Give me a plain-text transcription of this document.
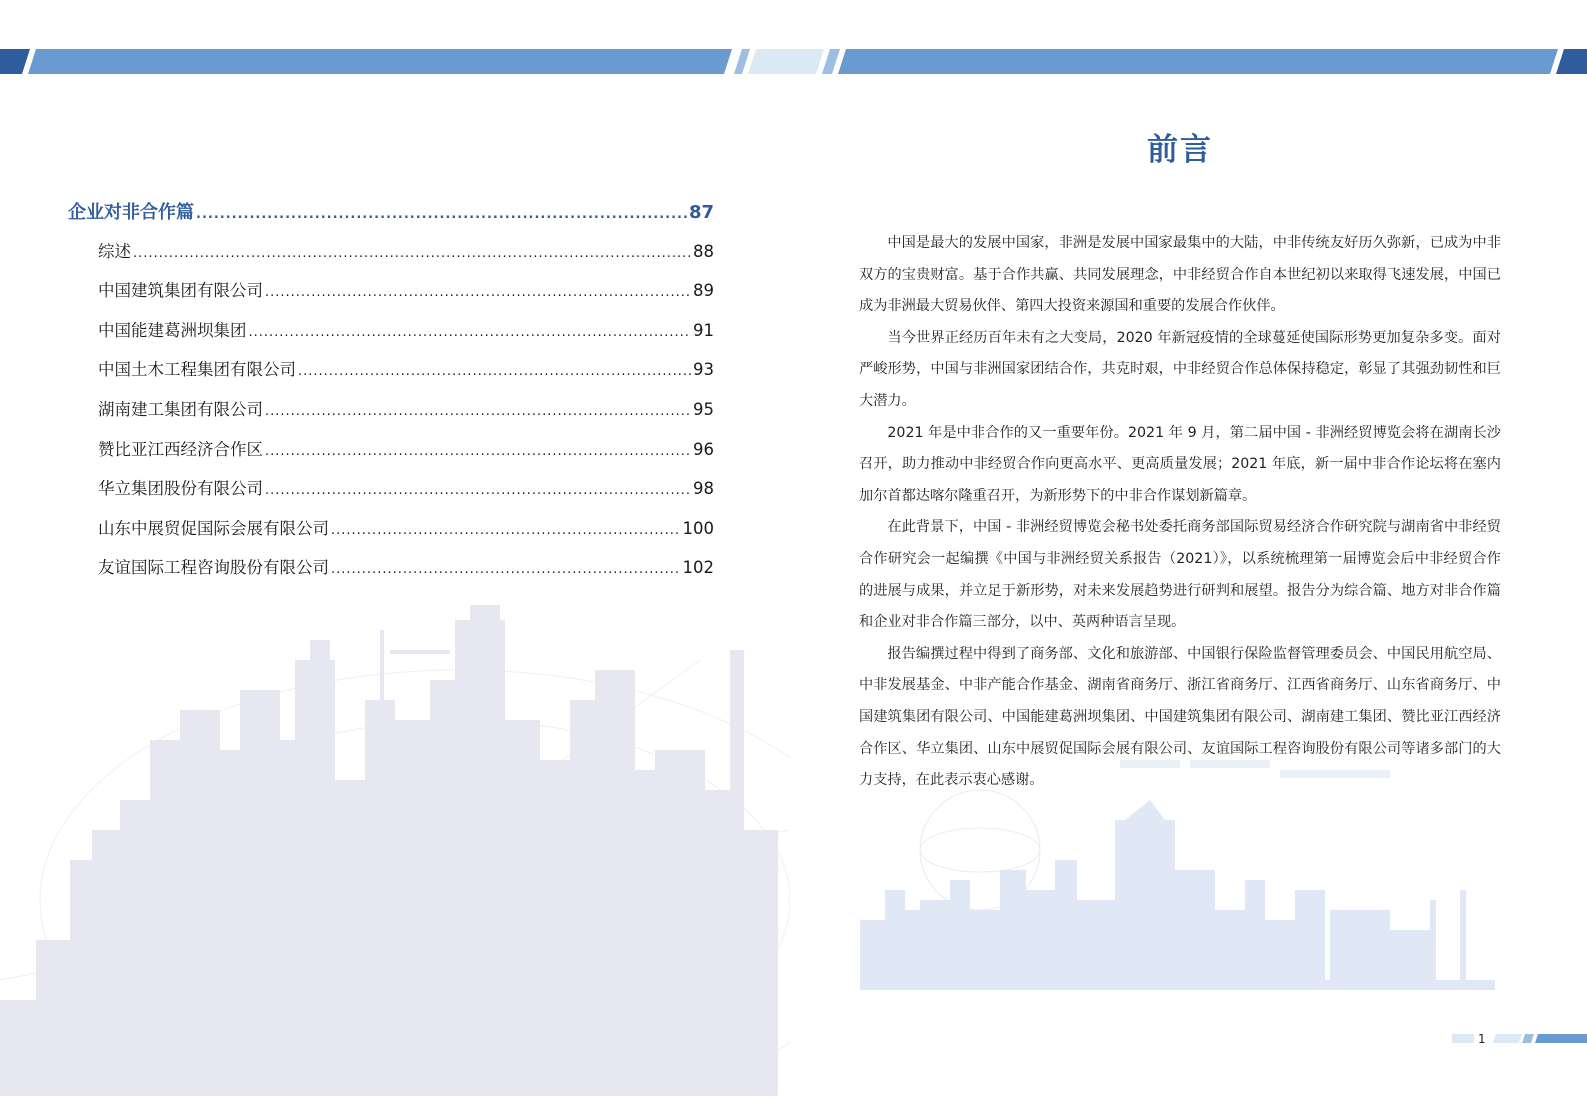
企业对非合作篇 .....	87
综述 .....	88
中国建筑集团有限公司 .....	89
中国能建葛洲坝集团 .....	91
中国土木工程集团有限公司 .....	93
湖南建工集团有限公司 .....	95
赞比亚江西经济合作区 .....	96
华立集团股份有限公司 .....	98
山东中展贸促国际会展有限公司 .....	100
友谊国际工程咨询股份有限公司 .....	102
前言

中国是最大的发展中国家，非洲是发展中国家最集中的大陆，中非传统友好历久弥新，已成为中非双方的宝贵财富。基于合作共赢、共同发展理念，中非经贸合作自本世纪初以来取得飞速发展，中国已成为非洲最大贸易伙伴、第四大投资来源国和重要的发展合作伙伴。

当今世界正经历百年未有之大变局，2020 年新冠疫情的全球蔓延使国际形势更加复杂多变。面对严峻形势，中国与非洲国家团结合作，共克时艰，中非经贸合作总体保持稳定，彰显了其强劲韧性和巨大潜力。

2021 年是中非合作的又一重要年份。2021 年 9 月，第二届中国 - 非洲经贸博览会将在湖南长沙召开，助力推动中非经贸合作向更高水平、更高质量发展；2021 年底，新一届中非合作论坛将在塞内加尔首都达喀尔隆重召开，为新形势下的中非合作谋划新篇章。

在此背景下，中国 - 非洲经贸博览会秘书处委托商务部国际贸易经济合作研究院与湖南省中非经贸合作研究会一起编撰《中国与非洲经贸关系报告（2021）》，以系统梳理第一届博览会后中非经贸合作的进展与成果，并立足于新形势，对未来发展趋势进行研判和展望。报告分为综合篇、地方对非合作篇和企业对非合作篇三部分，以中、英两种语言呈现。

报告编撰过程中得到了商务部、文化和旅游部、中国银行保险监督管理委员会、中国民用航空局、中非发展基金、中非产能合作基金、湖南省商务厅、浙江省商务厅、江西省商务厅、山东省商务厅、中国建筑集团有限公司、中国能建葛洲坝集团、中国建筑集团有限公司、湖南建工集团、赞比亚江西经济合作区、华立集团、山东中展贸促国际会展有限公司、友谊国际工程咨询股份有限公司等诸多部门的大力支持，在此表示衷心感谢。

1
